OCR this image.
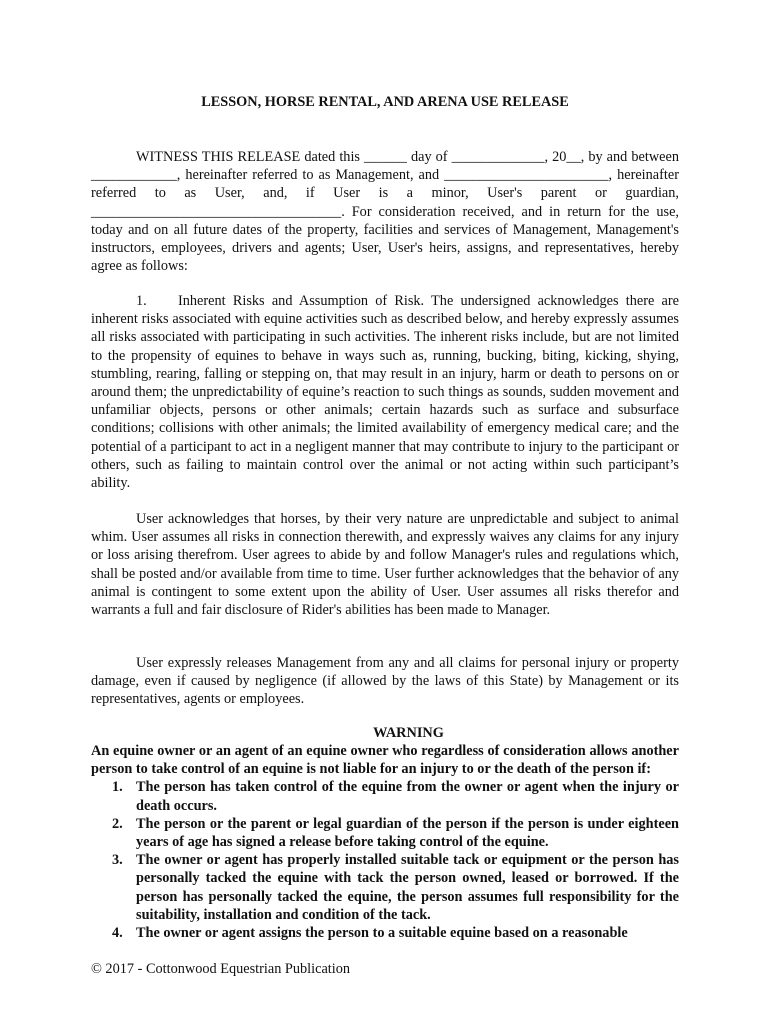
LESSON, HORSE RENTAL, AND ARENA USE RELEASE

WITNESS THIS RELEASE dated this ______ day of _____________, 20__, by and between ____________, hereinafter referred to as Management, and _______________________, hereinafter referred to as User, and, if User is a minor, User's parent or guardian, ___________________________________. For consideration received, and in return for the use, today and on all future dates of the property, facilities and services of Management, Management's instructors, employees, drivers and agents; User, User's heirs, assigns, and representatives, hereby agree as follows:

1. Inherent Risks and Assumption of Risk. The undersigned acknowledges there are inherent risks associated with equine activities such as described below, and hereby expressly assumes all risks associated with participating in such activities. The inherent risks include, but are not limited to the propensity of equines to behave in ways such as, running, bucking, biting, kicking, shying, stumbling, rearing, falling or stepping on, that may result in an injury, harm or death to persons on or around them; the unpredictability of equine’s reaction to such things as sounds, sudden movement and unfamiliar objects, persons or other animals; certain hazards such as surface and subsurface conditions; collisions with other animals; the limited availability of emergency medical care; and the potential of a participant to act in a negligent manner that may contribute to injury to the participant or others, such as failing to maintain control over the animal or not acting within such participant’s ability.

User acknowledges that horses, by their very nature are unpredictable and subject to animal whim. User assumes all risks in connection therewith, and expressly waives any claims for any injury or loss arising therefrom. User agrees to abide by and follow Manager's rules and regulations which, shall be posted and/or available from time to time. User further acknowledges that the behavior of any animal is contingent to some extent upon the ability of User. User assumes all risks therefor and warrants a full and fair disclosure of Rider's abilities has been made to Manager.

User expressly releases Management from any and all claims for personal injury or property damage, even if caused by negligence (if allowed by the laws of this State) by Management or its representatives, agents or employees.

WARNING
An equine owner or an agent of an equine owner who regardless of consideration allows another person to take control of an equine is not liable for an injury to or the death of the person if:
1. The person has taken control of the equine from the owner or agent when the injury or death occurs.
2. The person or the parent or legal guardian of the person if the person is under eighteen years of age has signed a release before taking control of the equine.
3. The owner or agent has properly installed suitable tack or equipment or the person has personally tacked the equine with tack the person owned, leased or borrowed. If the person has personally tacked the equine, the person assumes full responsibility for the suitability, installation and condition of the tack.
4. The owner or agent assigns the person to a suitable equine based on a reasonable
© 2017 - Cottonwood Equestrian Publication
